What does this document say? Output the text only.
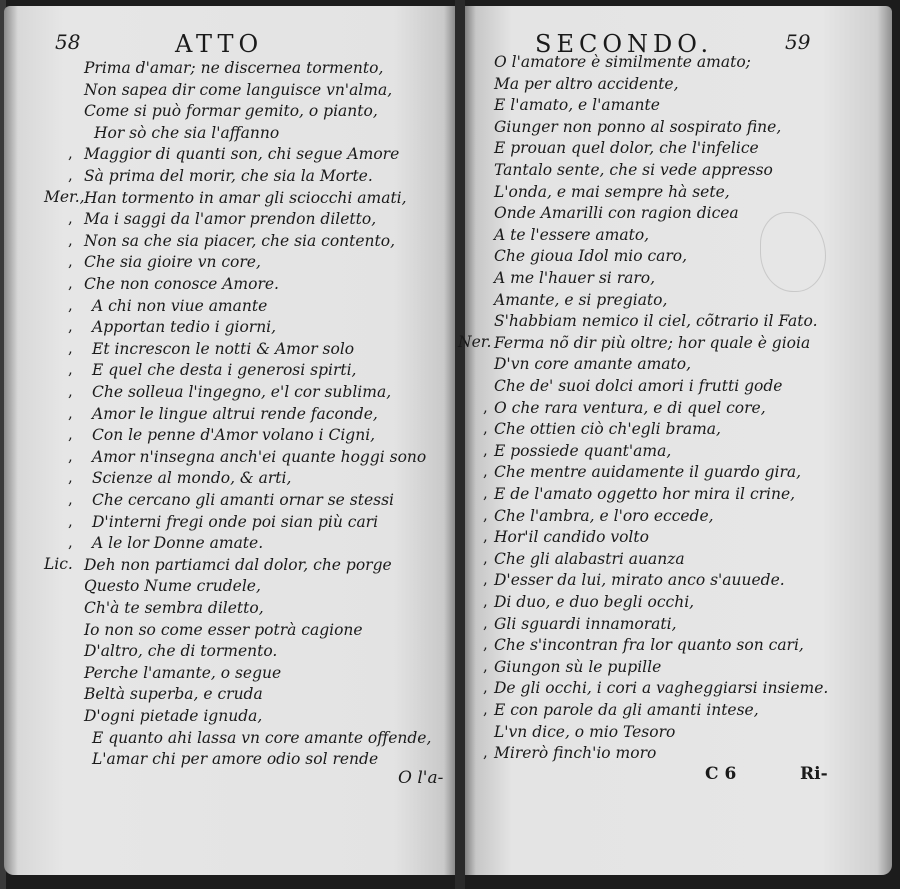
58	ATTO	SECONDO.	59
Prima d'amar; ne discernea tormento,
Non sapea dir come languisce vn'alma,
Come si può formar gemito, o pianto,
Hor sò che sia l'affanno
, Maggior di quanti son, chi segue Amore
, Sà prima del morir, che sia la Morte.
Mer., Han tormento in amar gli sciocchi amati,
, Ma i saggi da l'amor prendon diletto,
, Non sa che sia piacer, che sia contento,
, Che sia gioire vn core,
, Che non conosce Amore.
, A chi non viue amante
, Apportan tedio i giorni,
, Et increscon le notti & Amor solo
, E quel che desta i generosi spirti,
, Che solleua l'ingegno, e'l cor sublima,
, Amor le lingue altrui rende faconde,
, Con le penne d'Amor volano i Cigni,
, Amor n'insegna anch'ei quante hoggi sono
, Scienze al mondo, & arti,
, Che cercano gli amanti ornar se stessi
, D'interni fregi onde poi sian più cari
, A le lor Donne amate.
Lic. Deh non partiamci dal dolor, che porge
Questo Nume crudele,
Ch'à te sembra diletto,
Io non so come esser potrà cagione
D'altro, che di tormento.
Perche l'amante, o segue
Beltà superba, e cruda
D'ogni pietade ignuda,
E quanto ahi lassa vn core amante offende,
L'amar chi per amore odio sol rende
O l'amatore è similmente amato;
Ma per altro accidente,
E l'amato, e l'amante
Giunger non ponno al sospirato fine,
E prouan quel dolor, che l'infelice
Tantalo sente, che si vede appresso
L'onda, e mai sempre hà sete,
Onde Amarilli con ragion dicea
A te l'essere amato,
Che gioua Idol mio caro,
A me l'hauer si raro,
Amante, e si pregiato,
S'habbiam nemico il ciel, cõtrario il Fato.
Ner. Ferma nõ dir più oltre; hor quale è gioia
D'vn core amante amato,
Che de' suoi dolci amori i frutti gode
, O che rara ventura, e di quel core,
, Che ottien ciò ch'egli brama,
, E possiede quant'ama,
, Che mentre auidamente il guardo gira,
, E de l'amato oggetto hor mira il crine,
, Che l'ambra, e l'oro eccede,
, Hor'il candido volto
, Che gli alabastri auanza
, D'esser da lui, mirato anco s'auuede.
, Di duo, e duo begli occhi,
, Gli sguardi innamorati,
, Che s'incontran fra lor quanto son cari,
, Giungon sù le pupille
, De gli occhi, i cori a vagheggiarsi insieme.
, E con parole da gli amanti intese,
L'vn dice, o mio Tesoro
, Mirerò finch'io moro
O l'a-	C 6	Ri-
